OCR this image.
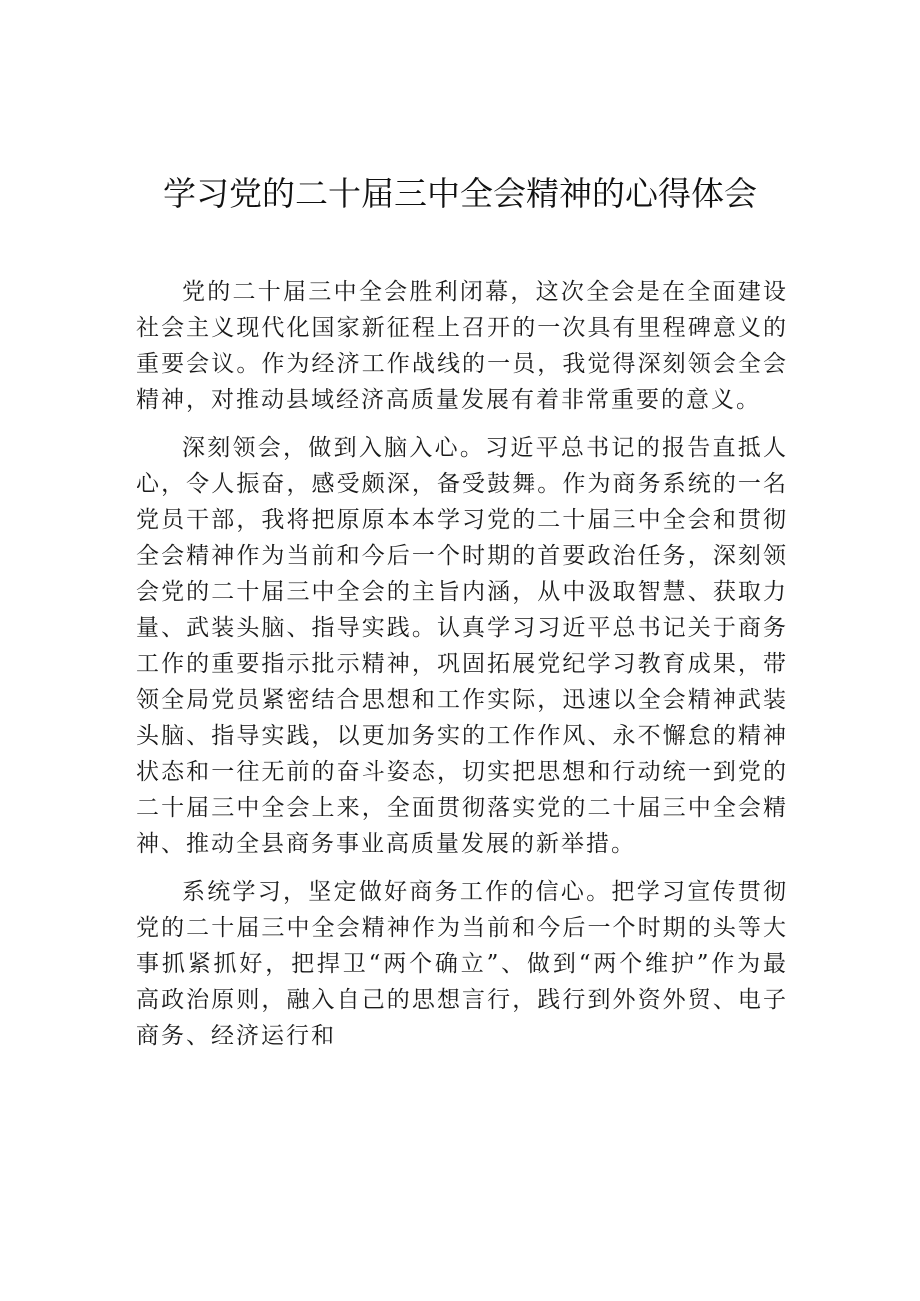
学习党的二十届三中全会精神的心得体会

党的二十届三中全会胜利闭幕，这次全会是在全面建设社会主义现代化国家新征程上召开的一次具有里程碑意义的重要会议。作为经济工作战线的一员，我觉得深刻领会全会精神，对推动县域经济高质量发展有着非常重要的意义。

深刻领会，做到入脑入心。习近平总书记的报告直抵人心，令人振奋，感受颇深，备受鼓舞。作为商务系统的一名党员干部，我将把原原本本学习党的二十届三中全会和贯彻全会精神作为当前和今后一个时期的首要政治任务，深刻领会党的二十届三中全会的主旨内涵，从中汲取智慧、获取力量、武装头脑、指导实践。认真学习习近平总书记关于商务工作的重要指示批示精神，巩固拓展党纪学习教育成果，带领全局党员紧密结合思想和工作实际，迅速以全会精神武装头脑、指导实践，以更加务实的工作作风、永不懈怠的精神状态和一往无前的奋斗姿态，切实把思想和行动统一到党的二十届三中全会上来，全面贯彻落实党的二十届三中全会精神、推动全县商务事业高质量发展的新举措。

系统学习，坚定做好商务工作的信心。把学习宣传贯彻党的二十届三中全会精神作为当前和今后一个时期的头等大事抓紧抓好，把捍卫“两个确立”、做到“两个维护”作为最高政治原则，融入自己的思想言行，践行到外资外贸、电子商务、经济运行和
